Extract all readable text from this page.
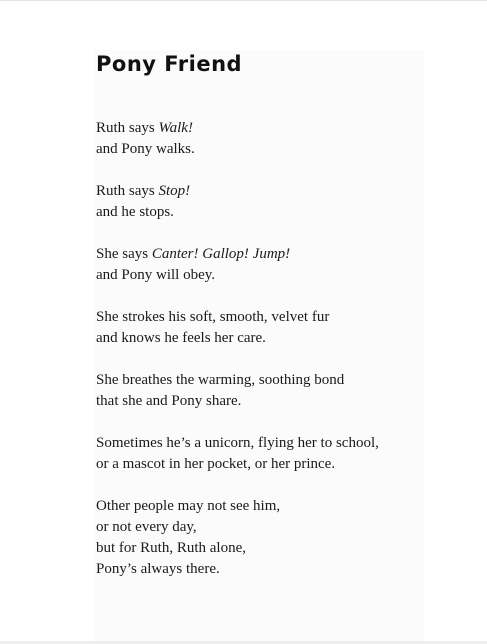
Pony Friend
Ruth says Walk!
and Pony walks.
Ruth says Stop!
and he stops.
She says Canter! Gallop! Jump!
and Pony will obey.
She strokes his soft, smooth, velvet fur
and knows he feels her care.
She breathes the warming, soothing bond
that she and Pony share.
Sometimes he’s a unicorn, flying her to school,
or a mascot in her pocket, or her prince.
Other people may not see him,
or not every day,
but for Ruth, Ruth alone,
Pony’s always there.
